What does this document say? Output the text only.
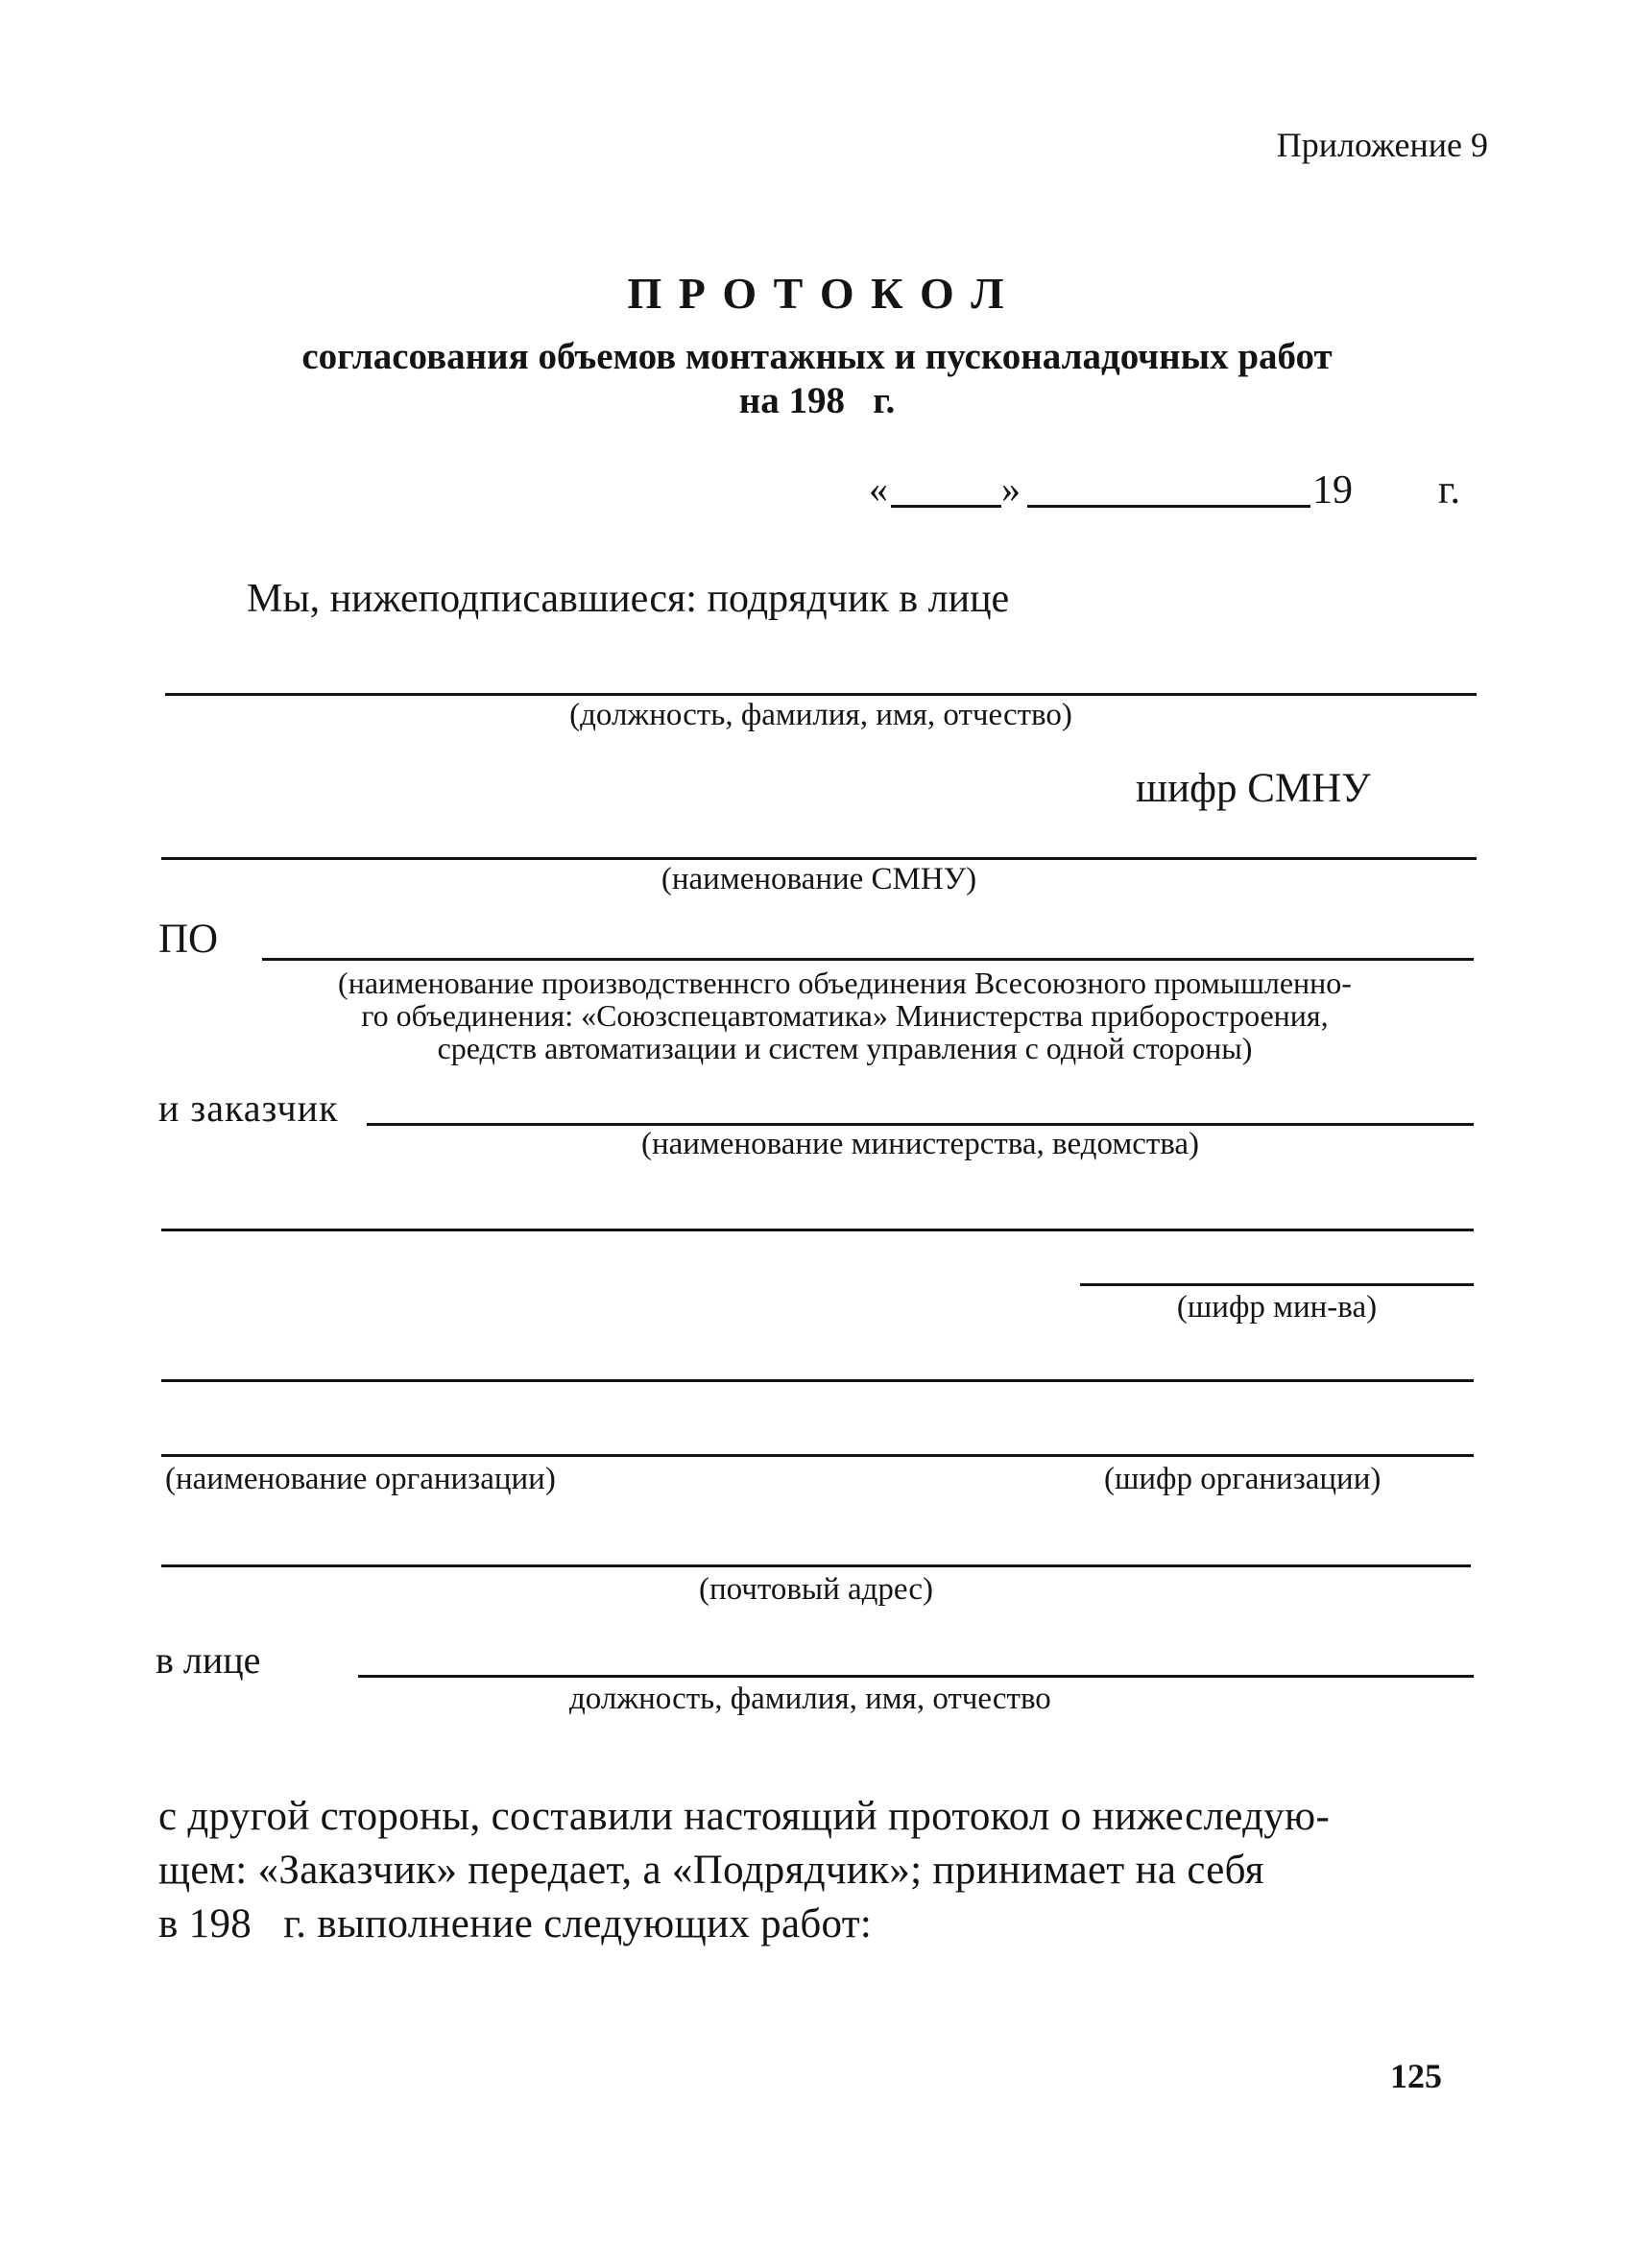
Приложение 9
П Р О Т О К О Л
согласования объемов монтажных и пусконаладочных работ
на 198   г.
«	»	19 г.
Мы, нижеподписавшиеся: подрядчик в лице
(должность, фамилия, имя, отчество)
шифр СМНУ
(наименование СМНУ)
ПО
(наименование производственнсго объединения Всесоюзного промышленно-
го объединения: «Союзспецавтоматика» Министерства приборостроения,
средств автоматизации и систем управления с одной стороны)
и заказчик
(наименование министерства, ведомства)
(шифр мин-ва)
(наименование организации)	(шифр организации)
(почтовый адрес)
в лице
должность, фамилия, имя, отчество
с другой стороны, составили настоящий протокол о нижеследую-
щем: «Заказчик» передает, а «Подрядчик»; принимает на себя
в 198   г. выполнение следующих работ:
125
